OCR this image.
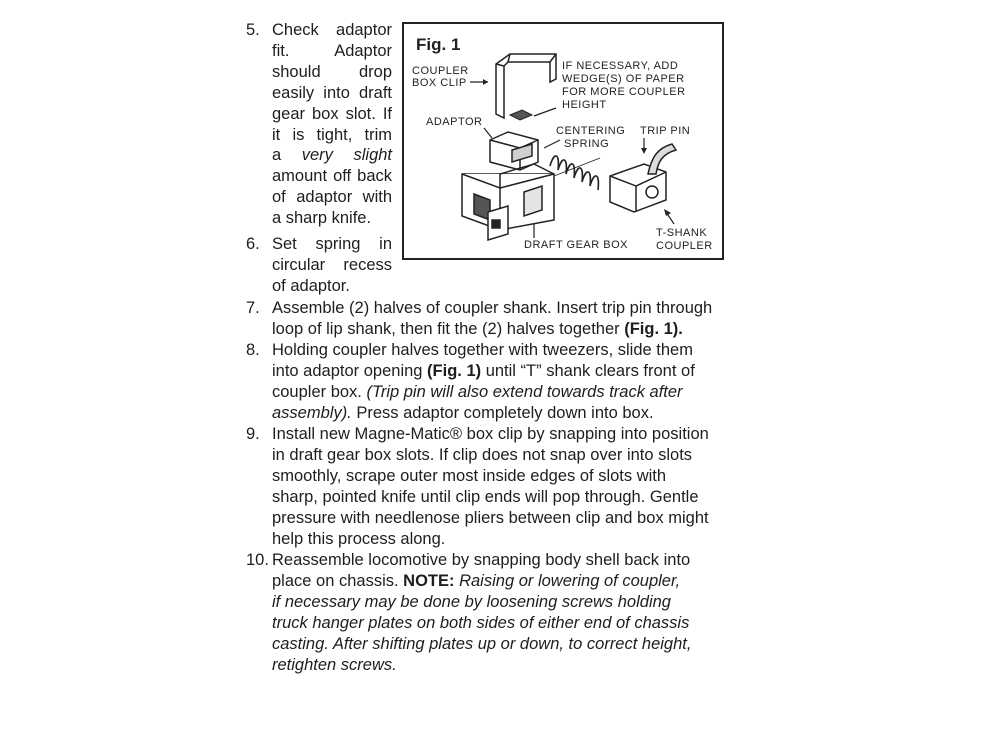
5. Check adaptor
fit. Adaptor
should drop
easily into draft
gear box slot. If
it is tight, trim
a very slight
amount off back
of adaptor with
a sharp knife.
6. Set spring in
circular recess
of adaptor.
7. Assemble (2) halves of coupler shank. Insert trip pin through
loop of lip shank, then fit the (2) halves together (Fig. 1).
8. Holding coupler halves together with tweezers, slide them
into adaptor opening (Fig. 1) until “T” shank clears front of
coupler box. (Trip pin will also extend towards track after
assembly). Press adaptor completely down into box.
9. Install new Magne-Matic® box clip by snapping into position
in draft gear box slots. If clip does not snap over into slots
smoothly, scrape outer most inside edges of slots with
sharp, pointed knife until clip ends will pop through. Gentle
pressure with needlenose pliers between clip and box might
help this process along.
10. Reassemble locomotive by snapping body shell back into
place on chassis. NOTE: Raising or lowering of coupler,
if necessary may be done by loosening screws holding
truck hanger plates on both sides of either end of chassis
casting. After shifting plates up or down, to correct height,
retighten screws.
Fig. 1
COUPLER
BOX CLIP
IF NECESSARY, ADD
WEDGE(S) OF PAPER
FOR MORE COUPLER
HEIGHT
ADAPTOR
CENTERING
SPRING
TRIP PIN
DRAFT GEAR BOX
T-SHANK
COUPLER
